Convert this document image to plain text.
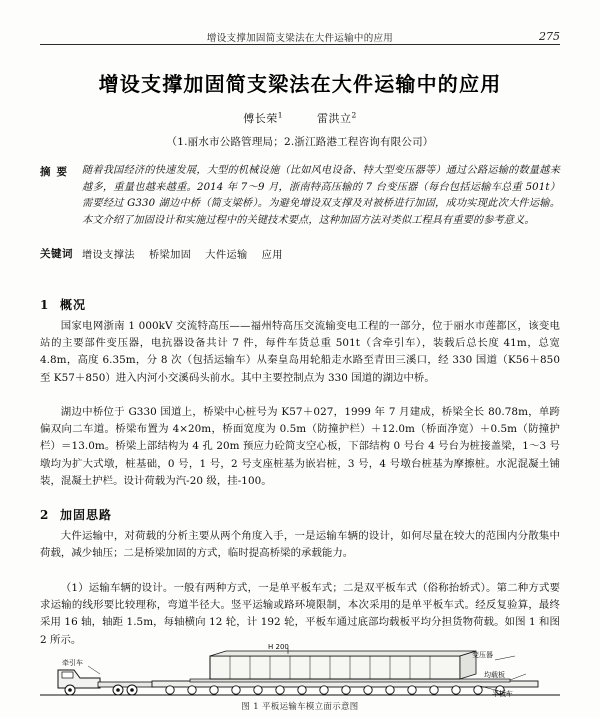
增设支撑加固简支梁法在大件运输中的应用	275
增设支撑加固简支梁法在大件运输中的应用
傅长荣$^1$	雷洪立$^2$
（1.丽水市公路管理局；2.浙江路港工程咨询有限公司）
摘要 随着我国经济的快速发展，大型的机械设施（比如风电设备、特大型变压器等）通过公路运输的数量越来越多，重量也越来越重。2014 年 7～9 月，浙南特高压输的 7 台变压器（每台包括运输车总重 501t）需要经过 G330 湖边中桥（简支梁桥）。为避免增设双支撑及对被桥进行加固，成功实现此次大件运输。本文介绍了加固设计和实施过程中的关键技术要点，这种加固方法对类似工程具有重要的参考意义。
关键词 增设支撑法 桥梁加固 大件运输 应用
1 概况
国家电网浙南 1 000kV 交流特高压——福州特高压交流输变电工程的一部分，位于丽水市莲都区，该变电站的主要部件变压器，电抗器设备共计 7 件，每件车货总重 501t（含牵引车），装载后总长度 41m，总宽 4.8m，高度 6.35m，分 8 次（包括运输车）从秦皇岛用轮船走水路至青田三溪口，经 330 国道（K56＋850 至 K57＋850）进入内河小交溪码头前水。其中主要控制点为 330 国道的湖边中桥。
湖边中桥位于 G330 国道上，桥梁中心桩号为 K57＋027，1999 年 7 月建成，桥梁全长 80.78m，单跨偏双向二车道。桥梁布置为 4×20m，桥面宽度为 0.5m（防撞护栏）＋12.0m（桥面净宽）＋0.5m（防撞护栏）＝13.0m。桥梁上部结构为 4 孔 20m 预应力砼简支空心板，下部结构 0 号台 4 号台为桩接盖梁，1～3 号墩均为扩大式墩，桩基础，0 号，1 号，2 号支座桩基为嵌岩桩，3 号，4 号墩台桩基为摩擦桩。水泥混凝土铺装，混凝土护栏。设计荷载为汽-20 级，挂-100。
2 加固思路
大件运输中，对荷载的分析主要从两个角度入手，一是运输车辆的设计，如何尽量在较大的范围内分散集中荷载，减少轴压；二是桥梁加固的方式，临时提高桥梁的承载能力。
（1）运输车辆的设计。一般有两种方式，一是单平板车式；二是双平板车式（俗称抬轿式）。第二种方式要求运输的线形要比较理称，弯道半径大。竖平运输或路环境限制，本次采用的是单平板车式。经反复验算，最终采用 16 轴，轴距 1.5m，每轴横向 12 轮，计 192 轮，平板车通过底部均载板平均分担货物荷载。如图 1 和图 2 所示。
H 200
变压器
牵引车
均载板
平板车
图 1 平板运输车模立面示意图
